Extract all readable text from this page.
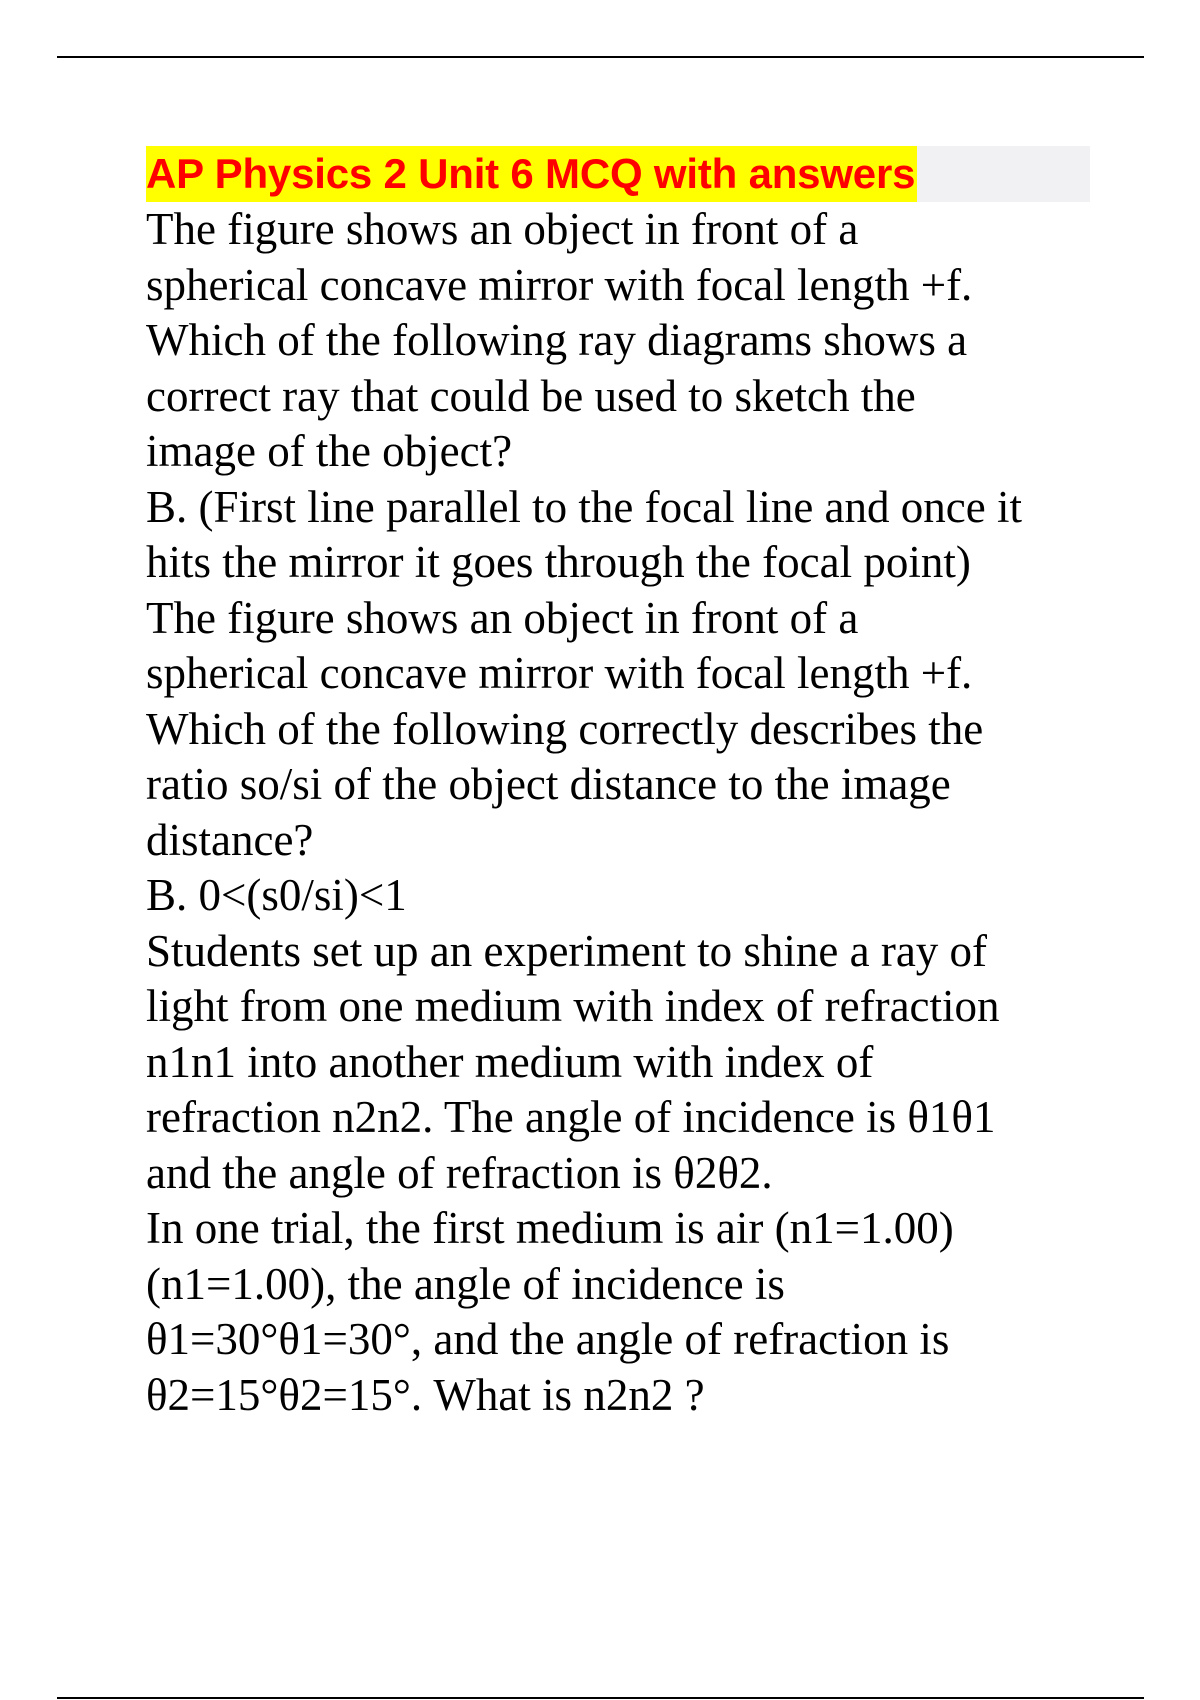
AP Physics 2 Unit 6 MCQ with answers

The figure shows an object in front of a
spherical concave mirror with focal length +f.
Which of the following ray diagrams shows a
correct ray that could be used to sketch the
image of the object?
B. (First line parallel to the focal line and once it
hits the mirror it goes through the focal point)
The figure shows an object in front of a
spherical concave mirror with focal length +f.
Which of the following correctly describes the
ratio so/si of the object distance to the image
distance?
B. 0<(s0/si)<1
Students set up an experiment to shine a ray of
light from one medium with index of refraction
n1n1 into another medium with index of
refraction n2n2. The angle of incidence is θ1θ1
and the angle of refraction is θ2θ2.
In one trial, the first medium is air (n1=1.00)
(n1=1.00), the angle of incidence is
θ1=30°θ1=30°, and the angle of refraction is
θ2=15°θ2=15°. What is n2n2 ?
